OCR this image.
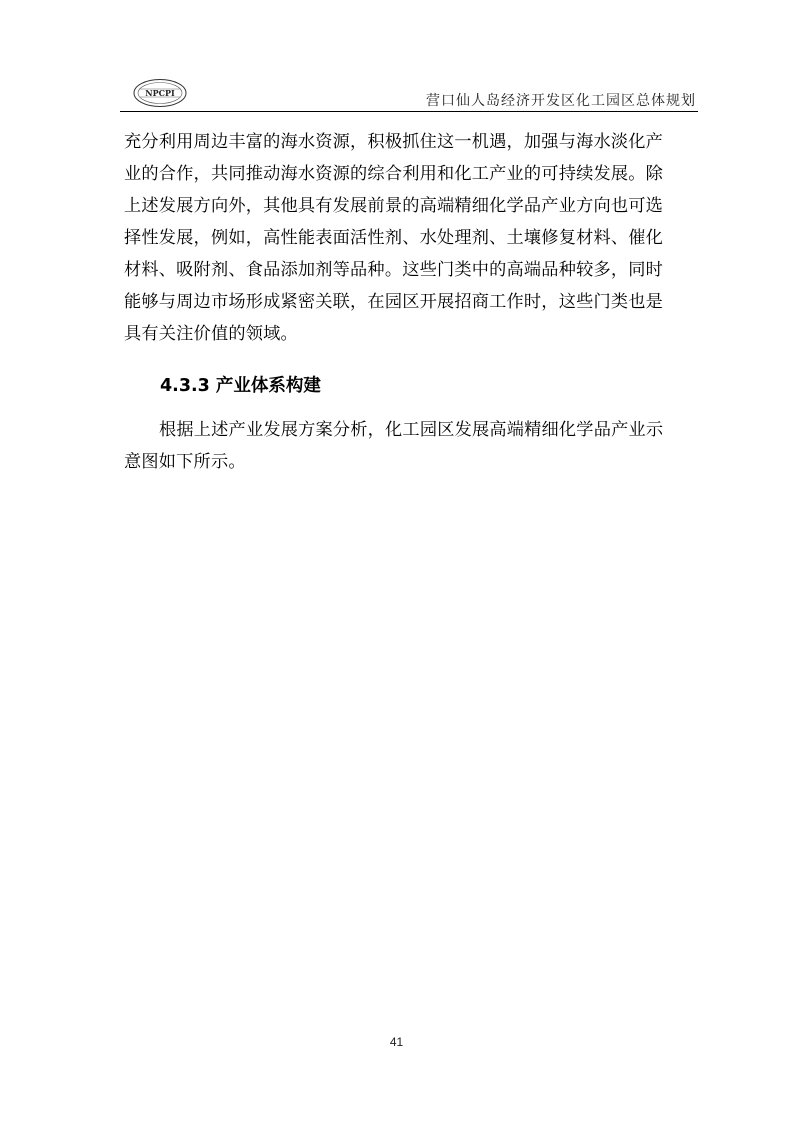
NPCPI	营口仙人岛经济开发区化工园区总体规划
充分利用周边丰富的海水资源，积极抓住这一机遇，加强与海水淡化产
业的合作，共同推动海水资源的综合利用和化工产业的可持续发展。除
上述发展方向外，其他具有发展前景的高端精细化学品产业方向也可选
择性发展，例如，高性能表面活性剂、水处理剂、土壤修复材料、催化
材料、吸附剂、食品添加剂等品种。这些门类中的高端品种较多，同时
能够与周边市场形成紧密关联，在园区开展招商工作时，这些门类也是
具有关注价值的领域。
4.3.3 产业体系构建
根据上述产业发展方案分析，化工园区发展高端精细化学品产业示
意图如下所示。
41
